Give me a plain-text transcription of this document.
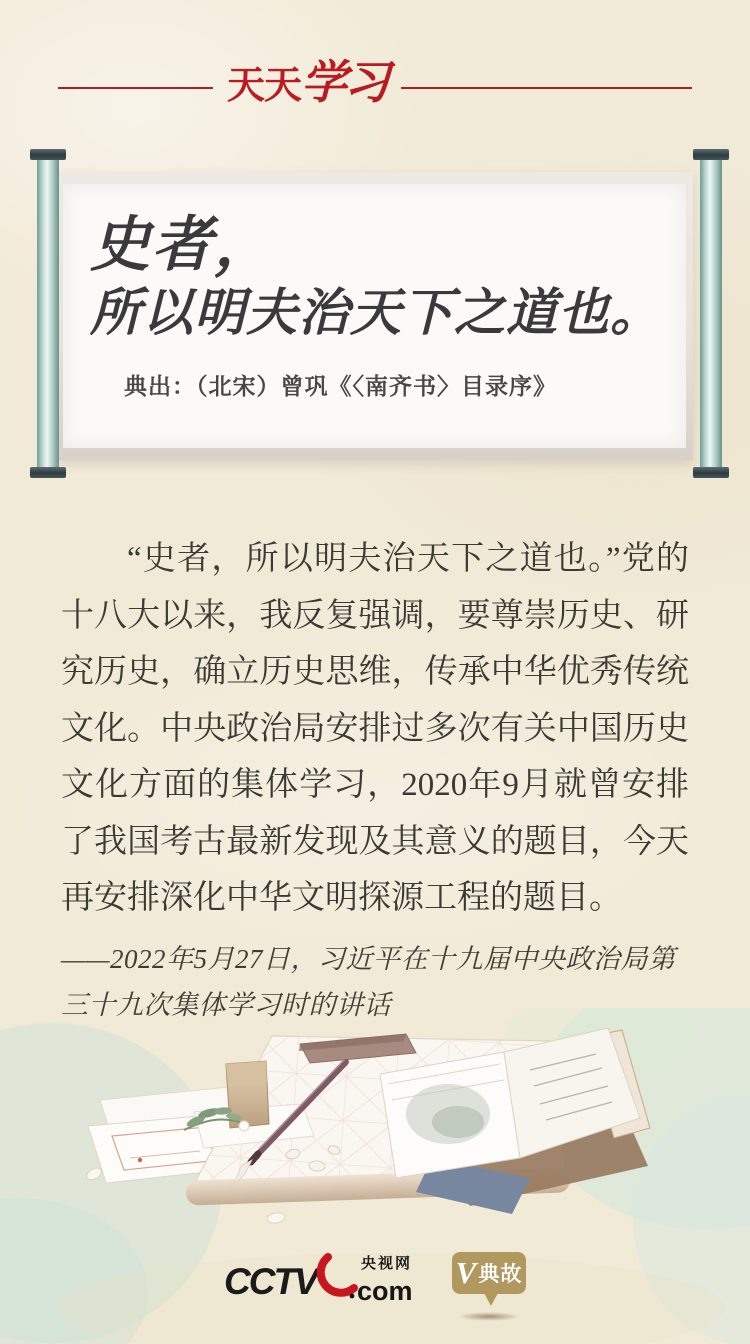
天天学习
史者，
所以明夫治天下之道也。
典出：（北宋）曾巩《〈南齐书〉目录序》

“史者，所以明夫治天下之道也。”党的十八大以来，我反复强调，要尊崇历史、研究历史，确立历史思维，传承中华优秀传统文化。中央政治局安排过多次有关中国历史文化方面的集体学习，2020年9月就曾安排了我国考古最新发现及其意义的题目，今天再安排深化中华文明探源工程的题目。

——2022年5月27日，习近平在十九届中央政治局第三十九次集体学习时的讲话
CCTV	央视网
com
V 典故
